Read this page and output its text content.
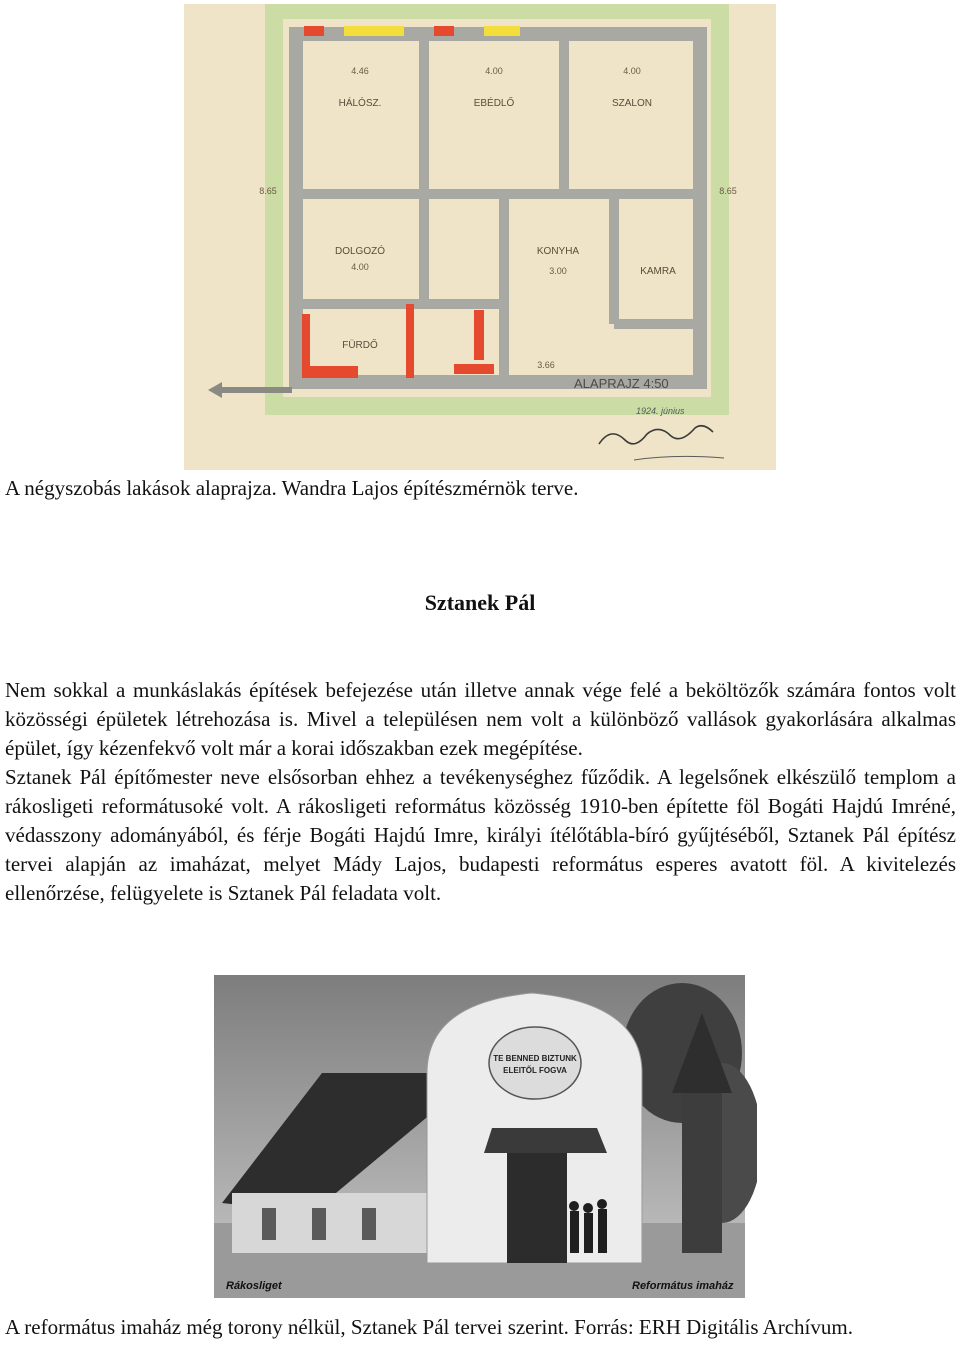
HÁLÓSZ.	EBÉDLŐ	SZALON
DOLGOZÓ	KONYHA
KAMRA
FÜRDŐ
4.46	4.00	4.00
8.65	8.65
4.00	3.00
3.66
ALAPRAJZ 4:50
1924. június

A négyszobás lakások alaprajza. Wandra Lajos építészmérnök terve.

Sztanek Pál

Nem sokkal a munkáslakás építések befejezése után illetve annak vége felé a beköltözők számára fontos volt közösségi épületek létrehozása is. Mivel a településen nem volt a különböző vallások gyakorlására alkalmas épület, így kézenfekvő volt már a korai időszakban ezek megépítése.

Sztanek Pál építőmester neve elsősorban ehhez a tevékenységhez fűződik. A legelsőnek elkészülő templom a rákosligeti reformátusoké volt. A rákosligeti református közösség 1910-ben építette föl Bogáti Hajdú Imréné, védasszony adományából, és férje Bogáti Hajdú Imre, királyi ítélőtábla-bíró gyűjtéséből, Sztanek Pál építész tervei alapján az imaházat, melyet Mády Lajos, budapesti református esperes avatott föl. A kivitelezés ellenőrzése, felügyelete is Sztanek Pál feladata volt.

TE BENNED BIZTUNK
ELEITŐL FOGVA
Rákosliget	Református imaház

A református imaház még torony nélkül, Sztanek Pál tervei szerint. Forrás: ERH Digitális Archívum.
